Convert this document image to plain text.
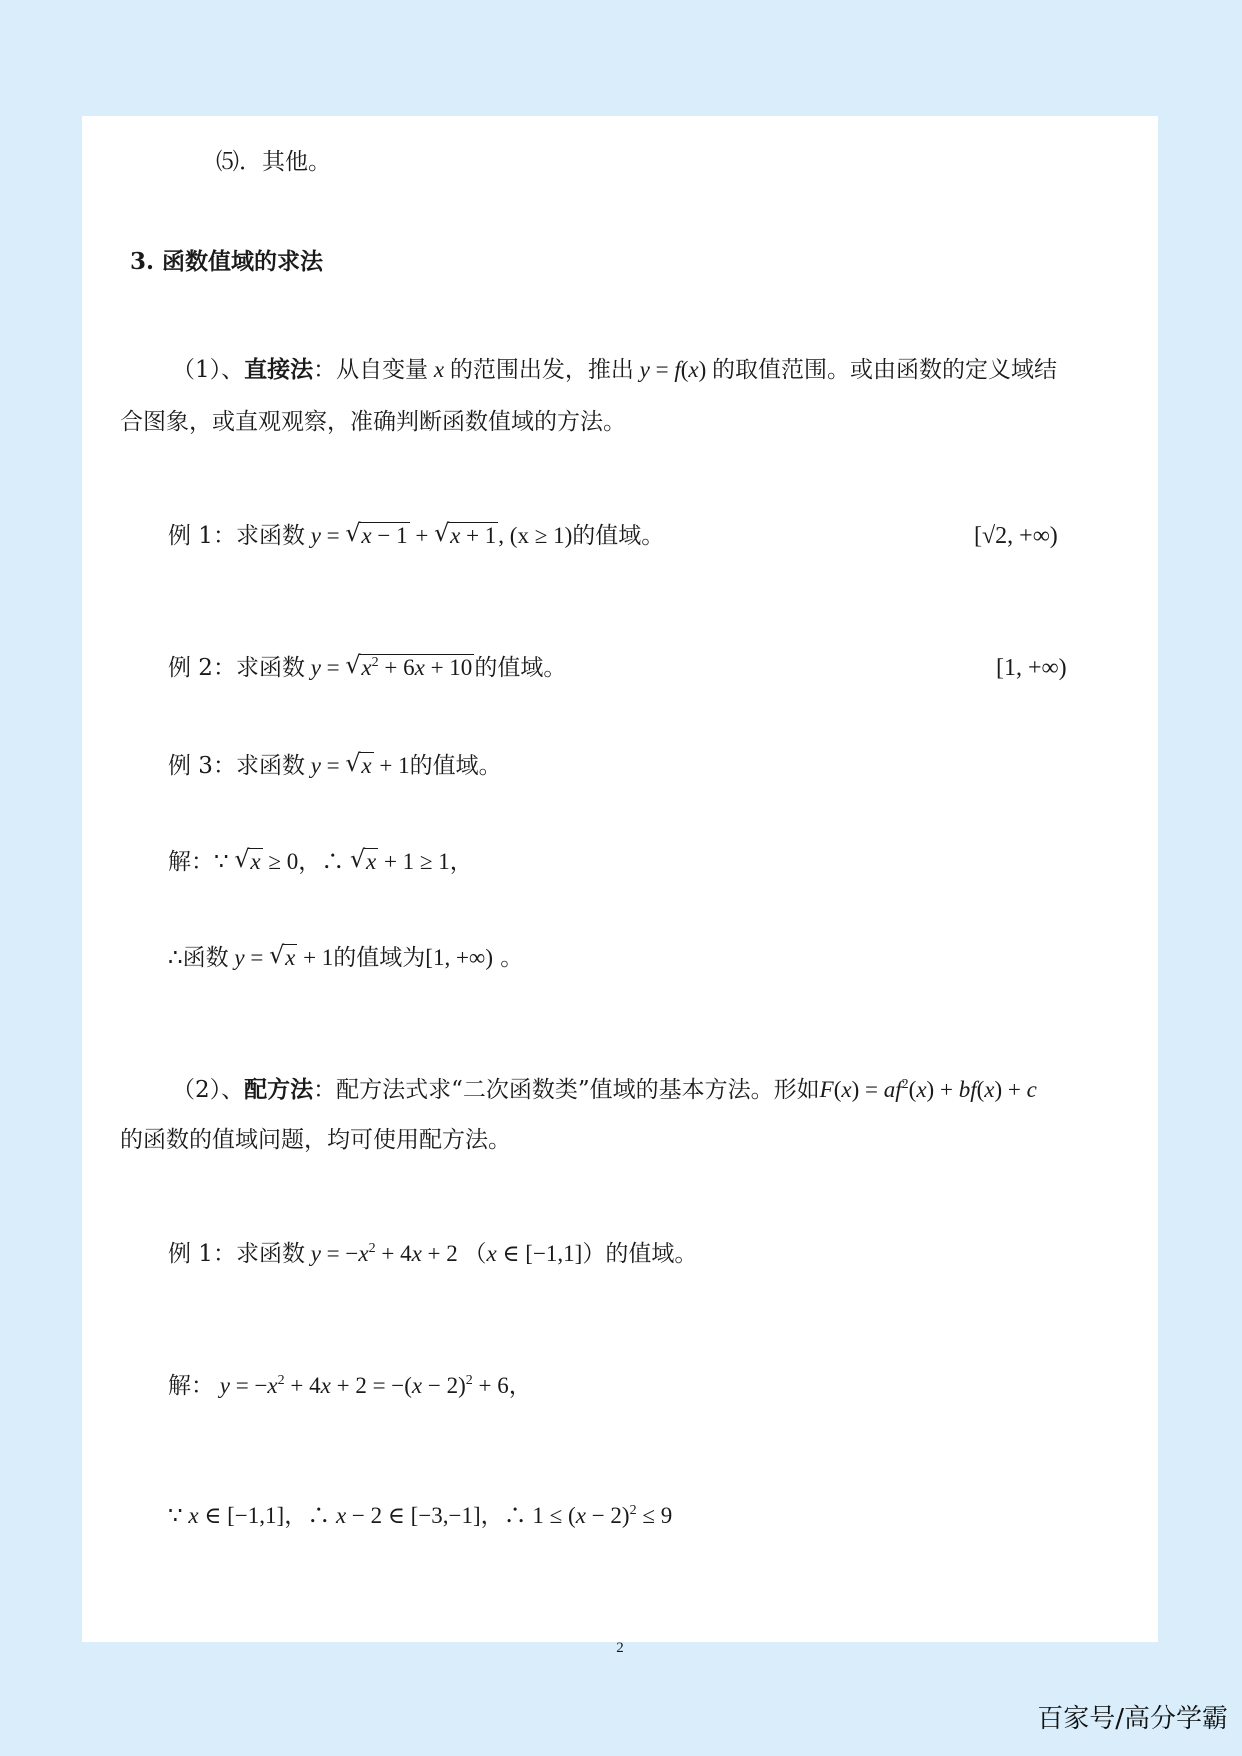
⑸．其他。
3. 函数值域的求法
（1）、直接法：从自变量 x 的范围出发，推出 y = f(x) 的取值范围。或由函数的定义域结
合图象，或直观观察，准确判断函数值域的方法。
例 1：求函数 y = √ x − 1 + √ x + 1, (x ≥ 1)的值域。	[√2, +∞)
例 2：求函数 y = √ $x^2 + 6x + 10$的值域。	[1, +∞)
例 3：求函数 y = √ x + 1的值域。
解：∵ √ x ≥ 0，∴ √ x + 1 ≥ 1，
∴函数 y = √ x + 1的值域为[1, +∞) 。
（2）、配方法：配方法式求“二次函数类”值域的基本方法。形如$F(x) = af^2(x) + bf(x) + c$
的函数的值域问题，均可使用配方法。
例 1：求函数 $y = -x^2 + 4x + 2$ （x ∈ [−1,1]）的值域。
解： $y = -x^2 + 4x + 2 = -(x - 2)^2 + 6$，
∵ x ∈ [−1,1]，∴ x − 2 ∈ [−3,−1]，∴ $1 \le (x - 2)^2 \le 9$
2
百家号/高分学霸
